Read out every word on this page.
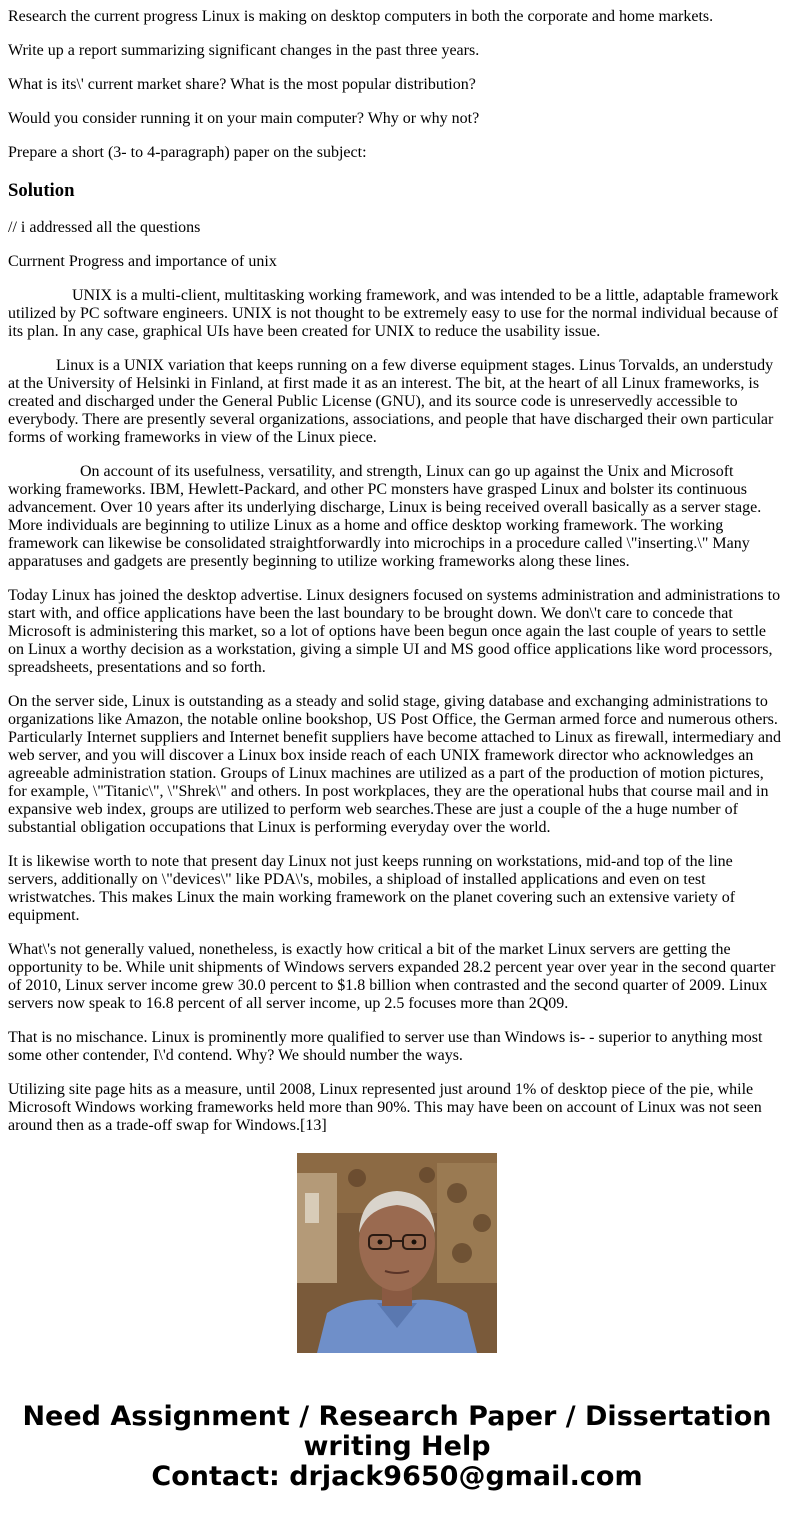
Research the current progress Linux is making on desktop computers in both the corporate and home markets.

Write up a report summarizing significant changes in the past three years.

What is its\' current market share? What is the most popular distribution?

Would you consider running it on your main computer? Why or why not?

Prepare a short (3- to 4-paragraph) paper on the subject:

Solution

// i addressed all the questions

Currnent Progress and importance of unix

UNIX is a multi-client, multitasking working framework, and was intended to be a little, adaptable framework utilized by PC software engineers. UNIX is not thought to be extremely easy to use for the normal individual because of its plan. In any case, graphical UIs have been created for UNIX to reduce the usability issue.

Linux is a UNIX variation that keeps running on a few diverse equipment stages. Linus Torvalds, an understudy at the University of Helsinki in Finland, at first made it as an interest. The bit, at the heart of all Linux frameworks, is created and discharged under the General Public License (GNU), and its source code is unreservedly accessible to everybody. There are presently several organizations, associations, and people that have discharged their own particular forms of working frameworks in view of the Linux piece.

On account of its usefulness, versatility, and strength, Linux can go up against the Unix and Microsoft working frameworks. IBM, Hewlett-Packard, and other PC monsters have grasped Linux and bolster its continuous advancement. Over 10 years after its underlying discharge, Linux is being received overall basically as a server stage. More individuals are beginning to utilize Linux as a home and office desktop working framework. The working framework can likewise be consolidated straightforwardly into microchips in a procedure called \"inserting.\" Many apparatuses and gadgets are presently beginning to utilize working frameworks along these lines.

Today Linux has joined the desktop advertise. Linux designers focused on systems administration and administrations to start with, and office applications have been the last boundary to be brought down. We don\'t care to concede that Microsoft is administering this market, so a lot of options have been begun once again the last couple of years to settle on Linux a worthy decision as a workstation, giving a simple UI and MS good office applications like word processors, spreadsheets, presentations and so forth.

On the server side, Linux is outstanding as a steady and solid stage, giving database and exchanging administrations to organizations like Amazon, the notable online bookshop, US Post Office, the German armed force and numerous others. Particularly Internet suppliers and Internet benefit suppliers have become attached to Linux as firewall, intermediary and web server, and you will discover a Linux box inside reach of each UNIX framework director who acknowledges an agreeable administration station. Groups of Linux machines are utilized as a part of the production of motion pictures, for example, \"Titanic\", \"Shrek\" and others. In post workplaces, they are the operational hubs that course mail and in expansive web index, groups are utilized to perform web searches.These are just a couple of the a huge number of substantial obligation occupations that Linux is performing everyday over the world.

It is likewise worth to note that present day Linux not just keeps running on workstations, mid-and top of the line servers, additionally on \"devices\" like PDA\'s, mobiles, a shipload of installed applications and even on test wristwatches. This makes Linux the main working framework on the planet covering such an extensive variety of equipment.

What\'s not generally valued, nonetheless, is exactly how critical a bit of the market Linux servers are getting the opportunity to be. While unit shipments of Windows servers expanded 28.2 percent year over year in the second quarter of 2010, Linux server income grew 30.0 percent to $1.8 billion when contrasted and the second quarter of 2009. Linux servers now speak to 16.8 percent of all server income, up 2.5 focuses more than 2Q09.

That is no mischance. Linux is prominently more qualified to server use than Windows is- - superior to anything most some other contender, I\'d contend. Why? We should number the ways.

Utilizing site page hits as a measure, until 2008, Linux represented just around 1% of desktop piece of the pie, while Microsoft Windows working frameworks held more than 90%. This may have been on account of Linux was not seen around then as a trade-off swap for Windows.[13]

Need Assignment / Research Paper / Dissertation writing Help
Contact: drjack9650@gmail.com
